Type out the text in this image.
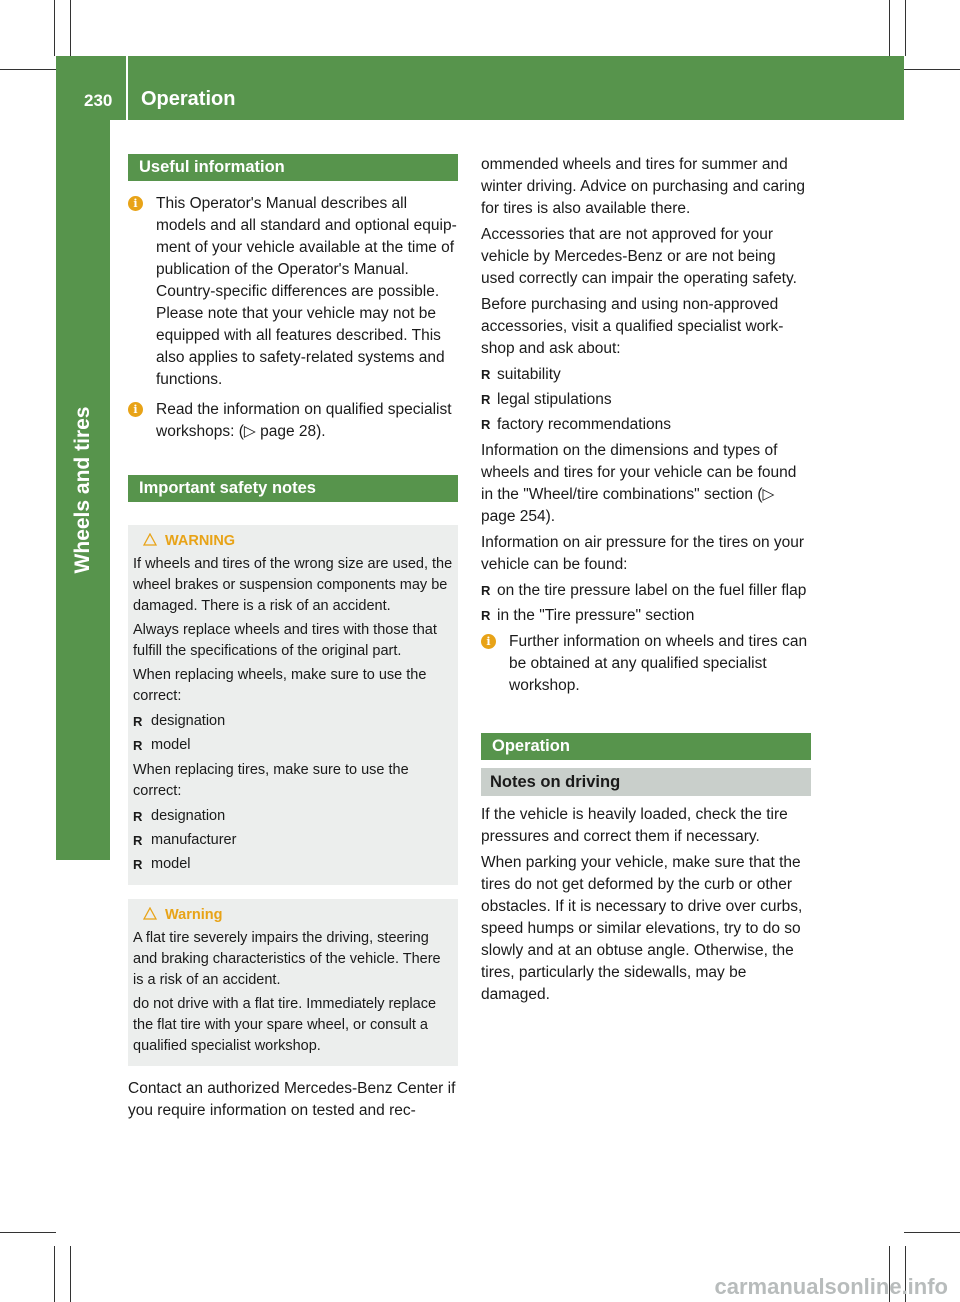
230 Operation
Wheels and tires
Useful information
i	This Operator's Manual describes all models and all standard and optional equipment of your vehicle available at the time of publication of the Operator's Manual. Country-specific differences are possible. Please note that your vehicle may not be equipped with all features described. This also applies to safety-related systems and functions.
i	Read the information on qualified specialist workshops: (▷ page 28).
Important safety notes
WARNING

If wheels and tires of the wrong size are used, the wheel brakes or suspension components may be damaged. There is a risk of an accident.

Always replace wheels and tires with those that fulfill the specifications of the original part.

When replacing wheels, make sure to use the correct:

R designation
R model

When replacing tires, make sure to use the correct:

R designation
R manufacturer
R model
Warning

A flat tire severely impairs the driving, steering and braking characteristics of the vehicle. There is a risk of an accident.

do not drive with a flat tire. Immediately replace the flat tire with your spare wheel, or consult a qualified specialist workshop.

Contact an authorized Mercedes-Benz Center if you require information on tested and rec-

ommended wheels and tires for summer and winter driving. Advice on purchasing and caring for tires is also available there.

Accessories that are not approved for your vehicle by Mercedes-Benz or are not being used correctly can impair the operating safety.

Before purchasing and using non-approved accessories, visit a qualified specialist workshop and ask about:

R suitability
R legal stipulations
R factory recommendations

Information on the dimensions and types of wheels and tires for your vehicle can be found in the "Wheel/tire combinations" section (▷ page 254).

Information on air pressure for the tires on your vehicle can be found:

R on the tire pressure label on the fuel filler flap
R in the "Tire pressure" section
i	Further information on wheels and tires can be obtained at any qualified specialist workshop.
Operation
Notes on driving

If the vehicle is heavily loaded, check the tire pressures and correct them if necessary.

When parking your vehicle, make sure that the tires do not get deformed by the curb or other obstacles. If it is necessary to drive over curbs, speed humps or similar elevations, try to do so slowly and at an obtuse angle. Otherwise, the tires, particularly the sidewalls, may be damaged.

carmanualsonline.info
